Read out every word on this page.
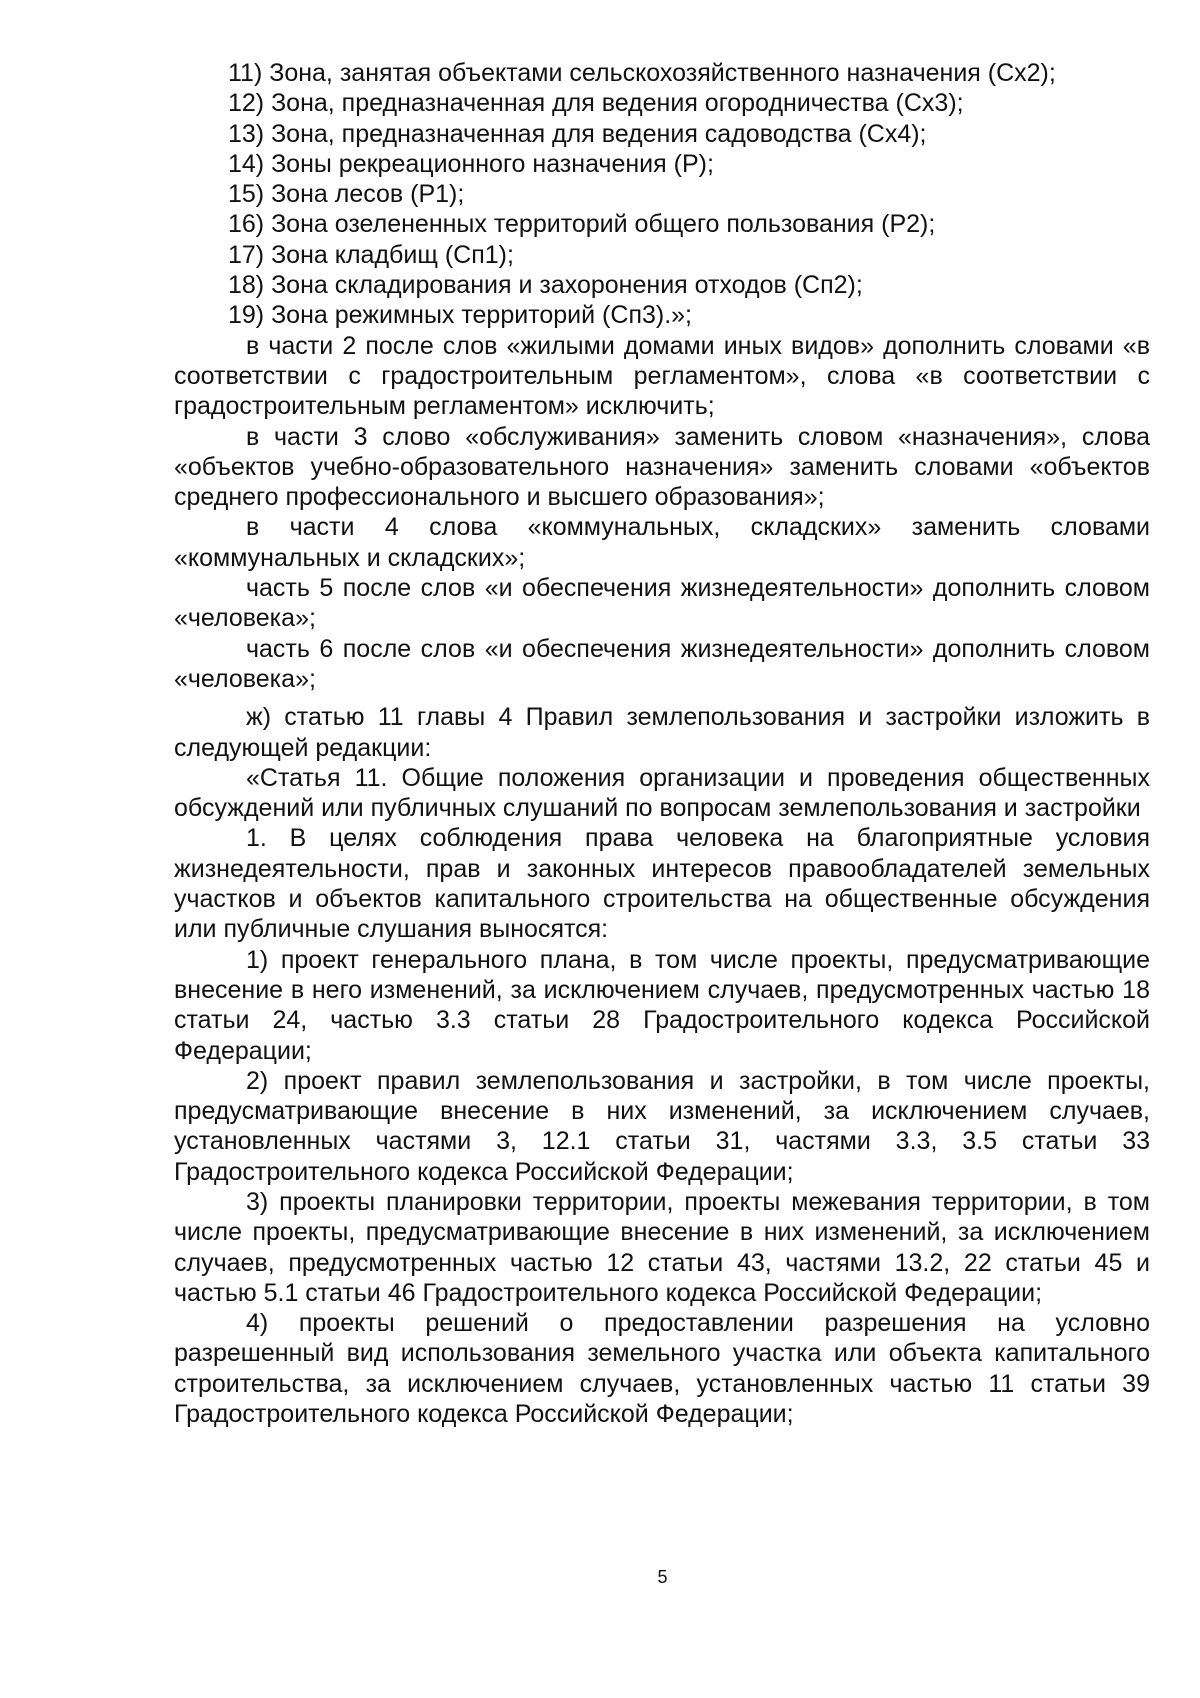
11) Зона, занятая объектами сельскохозяйственного назначения (Сх2);
12) Зона, предназначенная для ведения огородничества (Сх3);
13) Зона, предназначенная для ведения садоводства (Сх4);
14) Зоны рекреационного назначения (Р);
15) Зона лесов (Р1);
16) Зона озелененных территорий общего пользования (Р2);
17) Зона кладбищ (Сп1);
18) Зона складирования и захоронения отходов (Сп2);
19) Зона режимных территорий (Сп3).»;

в части 2 после слов «жилыми домами иных видов» дополнить словами «в соответствии с градостроительным регламентом», слова «в соответствии с градостроительным регламентом» исключить;

в части 3 слово «обслуживания» заменить словом «назначения», слова «объектов учебно-образовательного назначения» заменить словами «объектов среднего профессионального и высшего образования»;

в части 4 слова «коммунальных, складских» заменить словами «коммунальных и складских»;

часть 5 после слов «и обеспечения жизнедеятельности» дополнить словом «человека»;

часть 6 после слов «и обеспечения жизнедеятельности» дополнить словом «человека»;

ж) статью 11 главы 4 Правил землепользования и застройки изложить в следующей редакции:

«Статья 11. Общие положения организации и проведения общественных обсуждений или публичных слушаний по вопросам землепользования и застройки

1. В целях соблюдения права человека на благоприятные условия жизнедеятельности, прав и законных интересов правообладателей земельных участков и объектов капитального строительства на общественные обсуждения или публичные слушания выносятся:

1) проект генерального плана, в том числе проекты, предусматривающие внесение в него изменений, за исключением случаев, предусмотренных частью 18 статьи 24, частью 3.3 статьи 28 Градостроительного кодекса Российской Федерации;

2) проект правил землепользования и застройки, в том числе проекты, предусматривающие внесение в них изменений, за исключением случаев, установленных частями 3, 12.1 статьи 31, частями 3.3, 3.5 статьи 33 Градостроительного кодекса Российской Федерации;

3) проекты планировки территории, проекты межевания территории, в том числе проекты, предусматривающие внесение в них изменений, за исключением случаев, предусмотренных частью 12 статьи 43, частями 13.2, 22 статьи 45 и частью 5.1 статьи 46 Градостроительного кодекса Российской Федерации;

4) проекты решений о предоставлении разрешения на условно разрешенный вид использования земельного участка или объекта капитального строительства, за исключением случаев, установленных частью 11 статьи 39 Градостроительного кодекса Российской Федерации;

5
